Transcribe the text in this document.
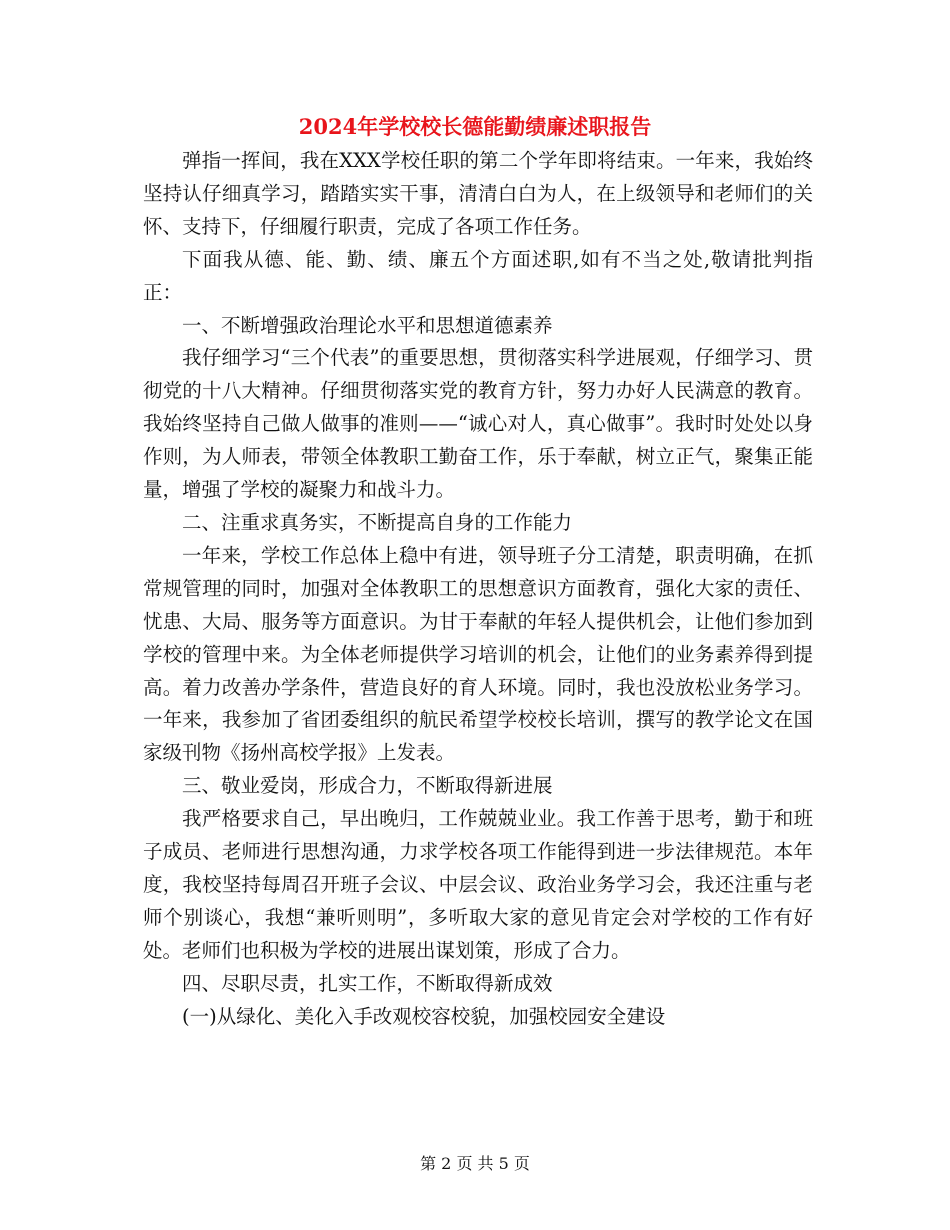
2024年学校校长德能勤绩廉述职报告

弹指一挥间，我在XXX学校任职的第二个学年即将结束。一年来，我始终坚持认仔细真学习，踏踏实实干事，清清白白为人，在上级领导和老师们的关怀、支持下，仔细履行职责，完成了各项工作任务。

下面我从德、能、勤、绩、廉五个方面述职,如有不当之处,敬请批判指正：

一、不断增强政治理论水平和思想道德素养

我仔细学习“三个代表”的重要思想，贯彻落实科学进展观，仔细学习、贯彻党的十八大精神。仔细贯彻落实党的教育方针，努力办好人民满意的教育。我始终坚持自己做人做事的准则——“诚心对人，真心做事”。我时时处处以身作则，为人师表，带领全体教职工勤奋工作，乐于奉献，树立正气，聚集正能量，增强了学校的凝聚力和战斗力。

二、注重求真务实，不断提高自身的工作能力

一年来，学校工作总体上稳中有进，领导班子分工清楚，职责明确，在抓常规管理的同时，加强对全体教职工的思想意识方面教育，强化大家的责任、忧患、大局、服务等方面意识。为甘于奉献的年轻人提供机会，让他们参加到学校的管理中来。为全体老师提供学习培训的机会，让他们的业务素养得到提高。着力改善办学条件，营造良好的育人环境。同时，我也没放松业务学习。一年来，我参加了省团委组织的航民希望学校校长培训，撰写的教学论文在国家级刊物《扬州高校学报》上发表。

三、敬业爱岗，形成合力，不断取得新进展

我严格要求自己，早出晚归，工作兢兢业业。我工作善于思考，勤于和班子成员、老师进行思想沟通，力求学校各项工作能得到进一步法律规范。本年度，我校坚持每周召开班子会议、中层会议、政治业务学习会，我还注重与老师个别谈心，我想“兼听则明”，多听取大家的意见肯定会对学校的工作有好处。老师们也积极为学校的进展出谋划策，形成了合力。

四、尽职尽责，扎实工作，不断取得新成效

(一)从绿化、美化入手改观校容校貌，加强校园安全建设

第 2 页 共 5 页
